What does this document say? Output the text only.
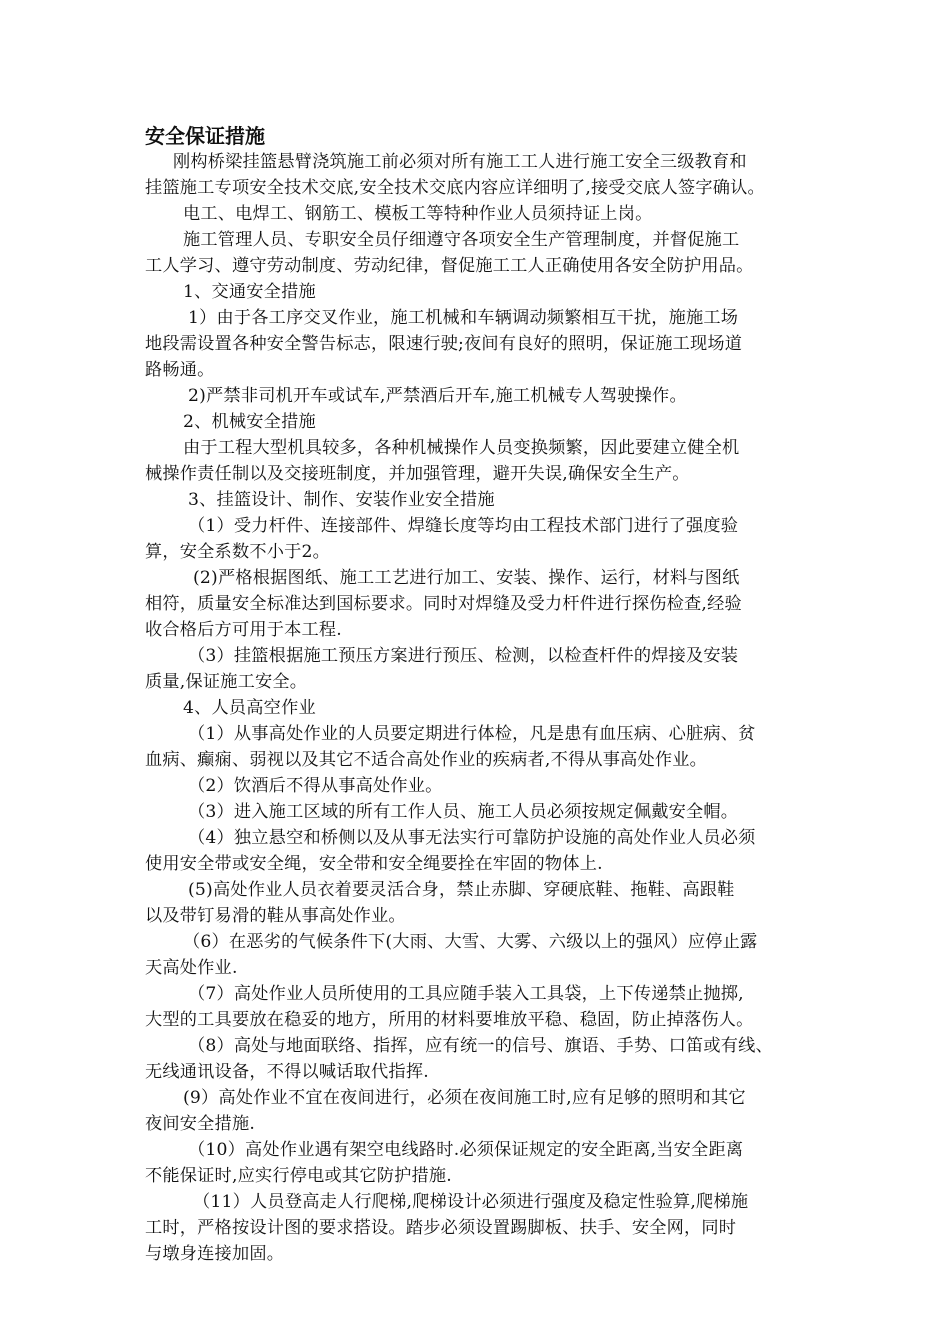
安全保证措施
刚构桥梁挂篮悬臂浇筑施工前必须对所有施工工人进行施工安全三级教育和
挂篮施工专项安全技术交底,安全技术交底内容应详细明了,接受交底人签字确认。
电工、电焊工、钢筋工、模板工等特种作业人员须持证上岗。
施工管理人员、专职安全员仔细遵守各项安全生产管理制度，并督促施工
工人学习、遵守劳动制度、劳动纪律，督促施工工人正确使用各安全防护用品。
1、交通安全措施
1）由于各工序交叉作业，施工机械和车辆调动频繁相互干扰，施施工场
地段需设置各种安全警告标志，限速行驶;夜间有良好的照明，保证施工现场道
路畅通。
2)严禁非司机开车或试车,严禁酒后开车,施工机械专人驾驶操作。
2、机械安全措施
由于工程大型机具较多，各种机械操作人员变换频繁，因此要建立健全机
械操作责任制以及交接班制度，并加强管理，避开失误,确保安全生产。
3、挂篮设计、制作、安装作业安全措施
（1）受力杆件、连接部件、焊缝长度等均由工程技术部门进行了强度验
算，安全系数不小于2。
(2)严格根据图纸、施工工艺进行加工、安装、操作、运行，材料与图纸
相符，质量安全标准达到国标要求。同时对焊缝及受力杆件进行探伤检查,经验
收合格后方可用于本工程.
（3）挂篮根据施工预压方案进行预压、检测，以检查杆件的焊接及安装
质量,保证施工安全。
4、人员高空作业
（1）从事高处作业的人员要定期进行体检，凡是患有血压病、心脏病、贫
血病、癫痫、弱视以及其它不适合高处作业的疾病者,不得从事高处作业。
（2）饮酒后不得从事高处作业。
（3）进入施工区域的所有工作人员、施工人员必须按规定佩戴安全帽。
（4）独立悬空和桥侧以及从事无法实行可靠防护设施的高处作业人员必须
使用安全带或安全绳，安全带和安全绳要拴在牢固的物体上.
(5)高处作业人员衣着要灵活合身，禁止赤脚、穿硬底鞋、拖鞋、高跟鞋
以及带钉易滑的鞋从事高处作业。
（6）在恶劣的气候条件下(大雨、大雪、大雾、六级以上的强风）应停止露
天高处作业.
（7）高处作业人员所使用的工具应随手装入工具袋，上下传递禁止抛掷,
大型的工具要放在稳妥的地方，所用的材料要堆放平稳、稳固，防止掉落伤人。
（8）高处与地面联络、指挥，应有统一的信号、旗语、手势、口笛或有线、
无线通讯设备，不得以喊话取代指挥.
(9）高处作业不宜在夜间进行，必须在夜间施工时,应有足够的照明和其它
夜间安全措施.
（10）高处作业遇有架空电线路时.必须保证规定的安全距离,当安全距离
不能保证时,应实行停电或其它防护措施.
（11）人员登高走人行爬梯,爬梯设计必须进行强度及稳定性验算,爬梯施
工时，严格按设计图的要求搭设。踏步必须设置踢脚板、扶手、安全网，同时
与墩身连接加固。
